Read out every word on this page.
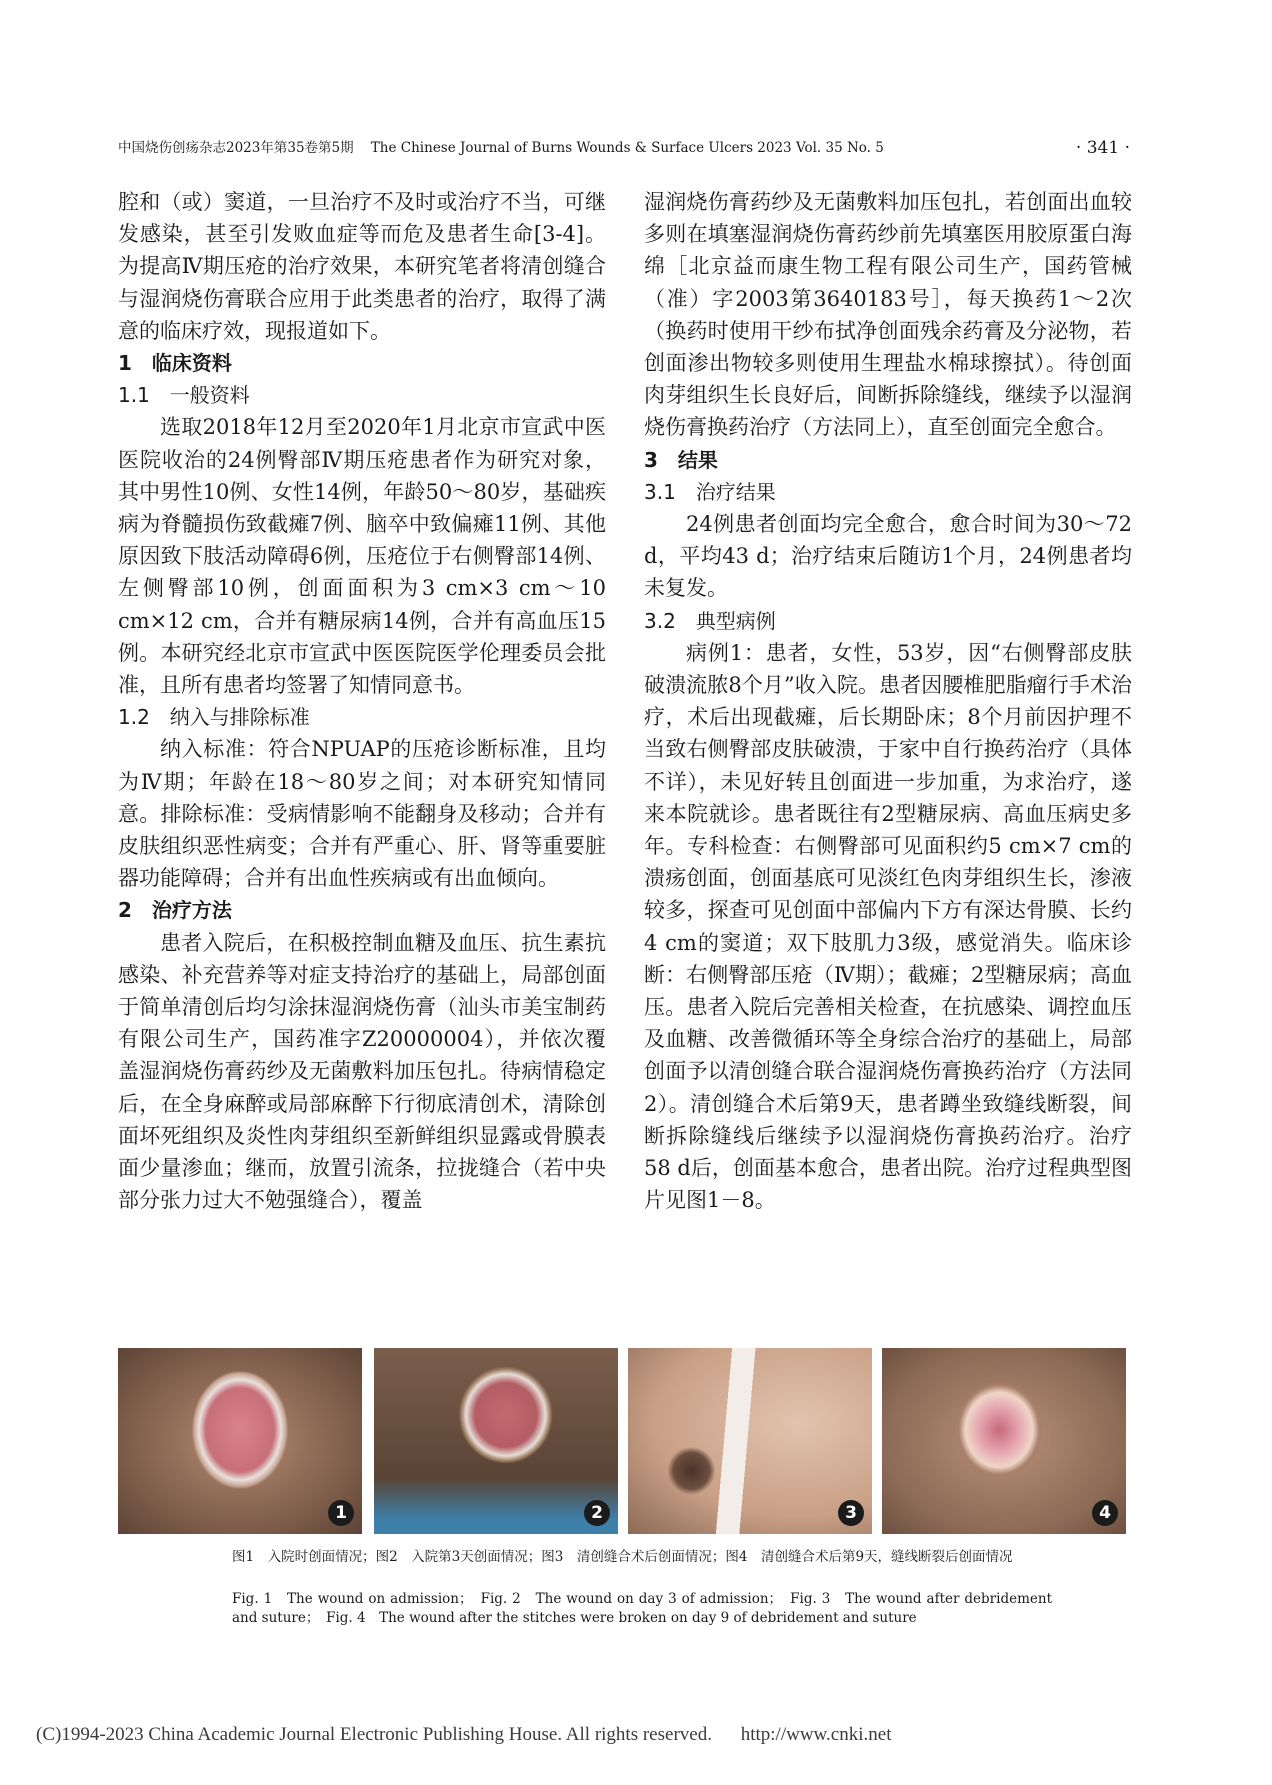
中国烧伤创疡杂志2023年第35卷第5期 The Chinese Journal of Burns Wounds & Surface Ulcers 2023 Vol. 35 No. 5	· 341 ·

腔和（或）窦道，一旦治疗不及时或治疗不当，可继发感染，甚至引发败血症等而危及患者生命[3-4]。为提高Ⅳ期压疮的治疗效果，本研究笔者将清创缝合与湿润烧伤膏联合应用于此类患者的治疗，取得了满意的临床疗效，现报道如下。

1　临床资料

1.1　一般资料

选取2018年12月至2020年1月北京市宣武中医医院收治的24例臀部Ⅳ期压疮患者作为研究对象，其中男性10例、女性14例，年龄50～80岁，基础疾病为脊髓损伤致截瘫7例、脑卒中致偏瘫11例、其他原因致下肢活动障碍6例，压疮位于右侧臀部14例、左侧臀部10例，创面面积为3 cm×3 cm～10 cm×12 cm，合并有糖尿病14例，合并有高血压15例。本研究经北京市宣武中医医院医学伦理委员会批准，且所有患者均签署了知情同意书。

1.2　纳入与排除标准

纳入标准：符合NPUAP的压疮诊断标准，且均为Ⅳ期；年龄在18～80岁之间；对本研究知情同意。排除标准：受病情影响不能翻身及移动；合并有皮肤组织恶性病变；合并有严重心、肝、肾等重要脏器功能障碍；合并有出血性疾病或有出血倾向。

2　治疗方法

患者入院后，在积极控制血糖及血压、抗生素抗感染、补充营养等对症支持治疗的基础上，局部创面于简单清创后均匀涂抹湿润烧伤膏（汕头市美宝制药有限公司生产，国药准字Z20000004），并依次覆盖湿润烧伤膏药纱及无菌敷料加压包扎。待病情稳定后，在全身麻醉或局部麻醉下行彻底清创术，清除创面坏死组织及炎性肉芽组织至新鲜组织显露或骨膜表面少量渗血；继而，放置引流条，拉拢缝合（若中央部分张力过大不勉强缝合），覆盖

湿润烧伤膏药纱及无菌敷料加压包扎，若创面出血较多则在填塞湿润烧伤膏药纱前先填塞医用胶原蛋白海绵［北京益而康生物工程有限公司生产，国药管械（准）字2003第3640183号］，每天换药1～2次（换药时使用干纱布拭净创面残余药膏及分泌物，若创面渗出物较多则使用生理盐水棉球擦拭）。待创面肉芽组织生长良好后，间断拆除缝线，继续予以湿润烧伤膏换药治疗（方法同上），直至创面完全愈合。

3　结果

3.1　治疗结果

24例患者创面均完全愈合，愈合时间为30～72 d，平均43 d；治疗结束后随访1个月，24例患者均未复发。

3.2　典型病例

病例1：患者，女性，53岁，因“右侧臀部皮肤破溃流脓8个月”收入院。患者因腰椎肥脂瘤行手术治疗，术后出现截瘫，后长期卧床；8个月前因护理不当致右侧臀部皮肤破溃，于家中自行换药治疗（具体不详），未见好转且创面进一步加重，为求治疗，遂来本院就诊。患者既往有2型糖尿病、高血压病史多年。专科检查：右侧臀部可见面积约5 cm×7 cm的溃疡创面，创面基底可见淡红色肉芽组织生长，渗液较多，探查可见创面中部偏内下方有深达骨膜、长约4 cm的窦道；双下肢肌力3级，感觉消失。临床诊断：右侧臀部压疮（Ⅳ期）；截瘫；2型糖尿病；高血压。患者入院后完善相关检查，在抗感染、调控血压及血糖、改善微循环等全身综合治疗的基础上，局部创面予以清创缝合联合湿润烧伤膏换药治疗（方法同2）。清创缝合术后第9天，患者蹲坐致缝线断裂，间断拆除缝线后继续予以湿润烧伤膏换药治疗。治疗58 d后，创面基本愈合，患者出院。治疗过程典型图片见图1－8。

1	2	3	4
图1　入院时创面情况；图2　入院第3天创面情况；图3　清创缝合术后创面情况；图4　清创缝合术后第9天，缝线断裂后创面情况
Fig. 1　The wound on admission；　Fig. 2　The wound on day 3 of admission；　Fig. 3　The wound after debridement and suture；　Fig. 4　The wound after the stitches were broken on day 9 of debridement and suture
(C)1994-2023 China Academic Journal Electronic Publishing House. All rights reserved. http://www.cnki.net
